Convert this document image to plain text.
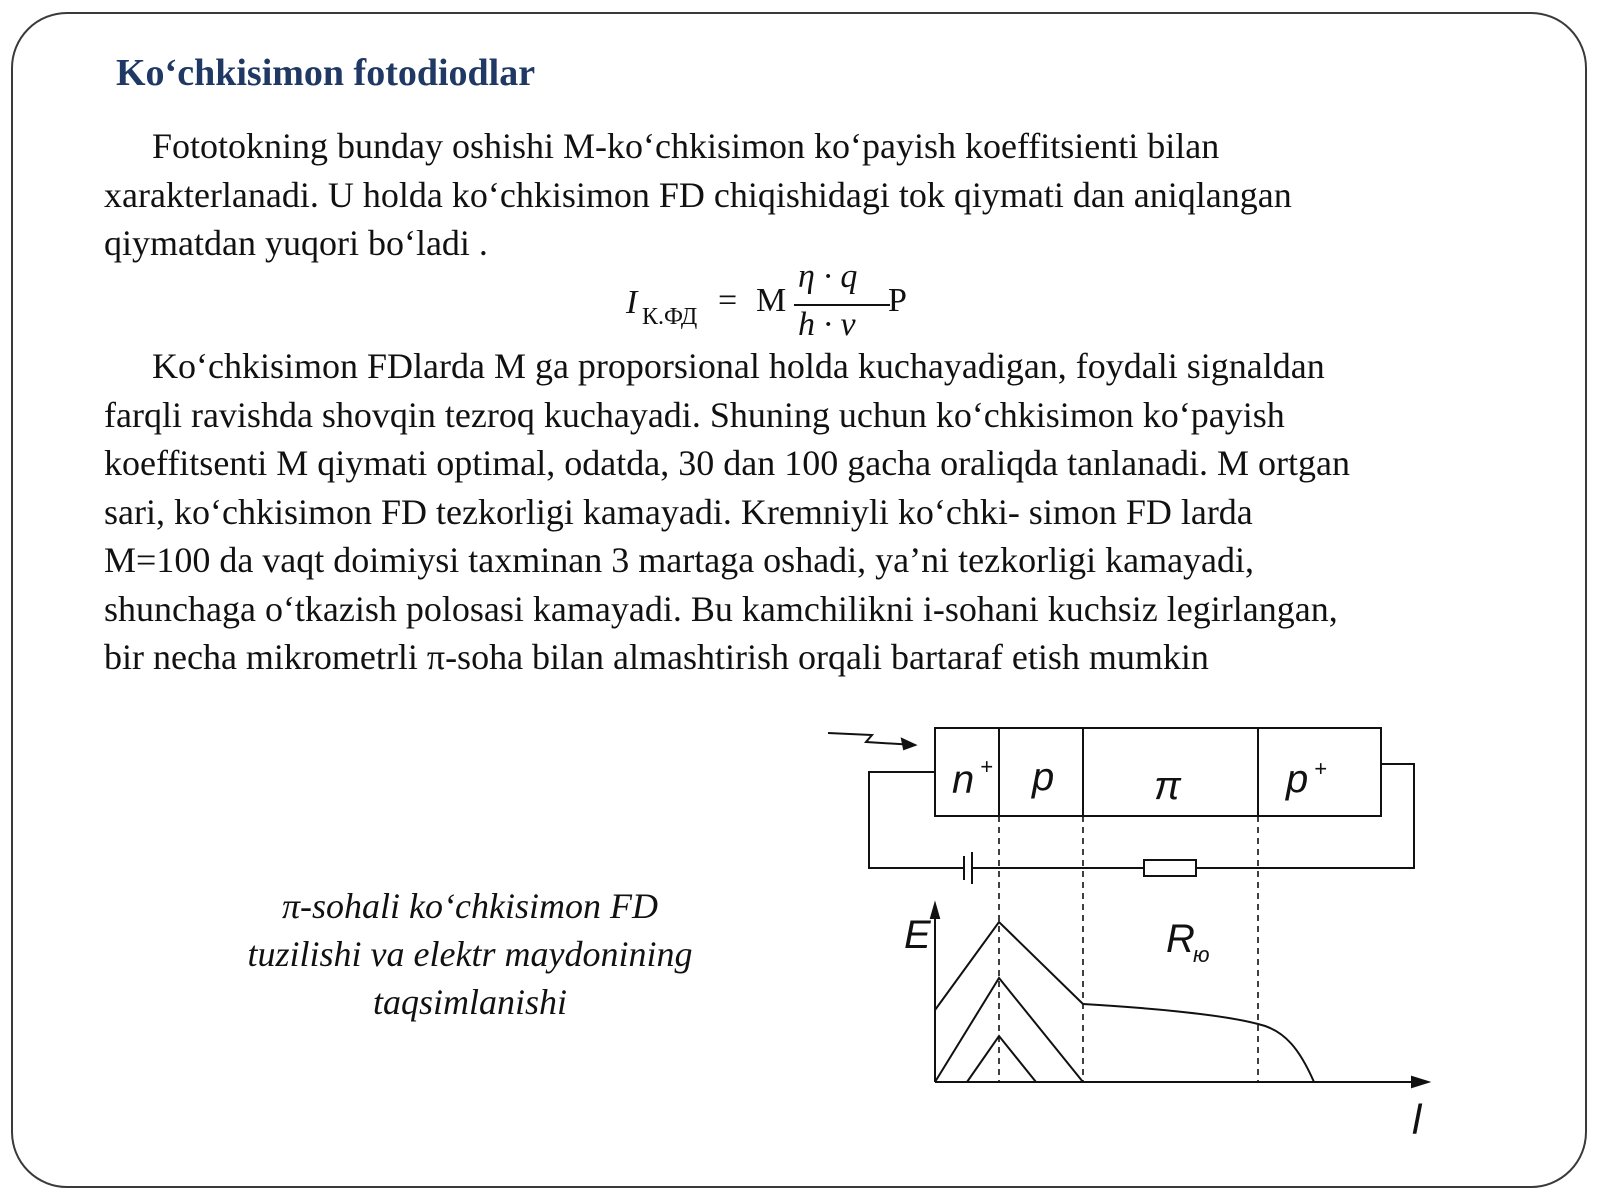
Ko‘chkisimon fotodiodlar

Fototokning bunday oshishi M-ko‘chkisimon ko‘payish koeffitsienti bilan
xarakterlanadi. U holda ko‘chkisimon FD chiqishidagi tok qiymati dan aniqlangan
qiymatdan yuqori bo‘ladi .

I К.ФД = M
η · q
h · ν
P

Ko‘chkisimon FDlarda M ga proporsional holda kuchayadigan, foydali signaldan
farqli ravishda shovqin tezroq kuchayadi. Shuning uchun ko‘chkisimon ko‘payish
koeffitsenti M qiymati optimal, odatda, 30 dan 100 gacha oraliqda tanlanadi. M ortgan
sari, ko‘chkisimon FD tezkorligi kamayadi. Kremniyli ko‘chki- simon FD larda
M=100 da vaqt doimiysi taxminan 3 martaga oshadi, ya’ni tezkorligi kamayadi,
shunchaga o‘tkazish polosasi kamayadi. Bu kamchilikni i-sohani kuchsiz legirlangan,
bir necha mikrometrli π-soha bilan almashtirish orqali bartaraf etish mumkin

π-sohali ko‘chkisimon FD
tuzilishi va elektr maydonining
taqsimlanishi

n + p π	p +
R
ю
E
l
